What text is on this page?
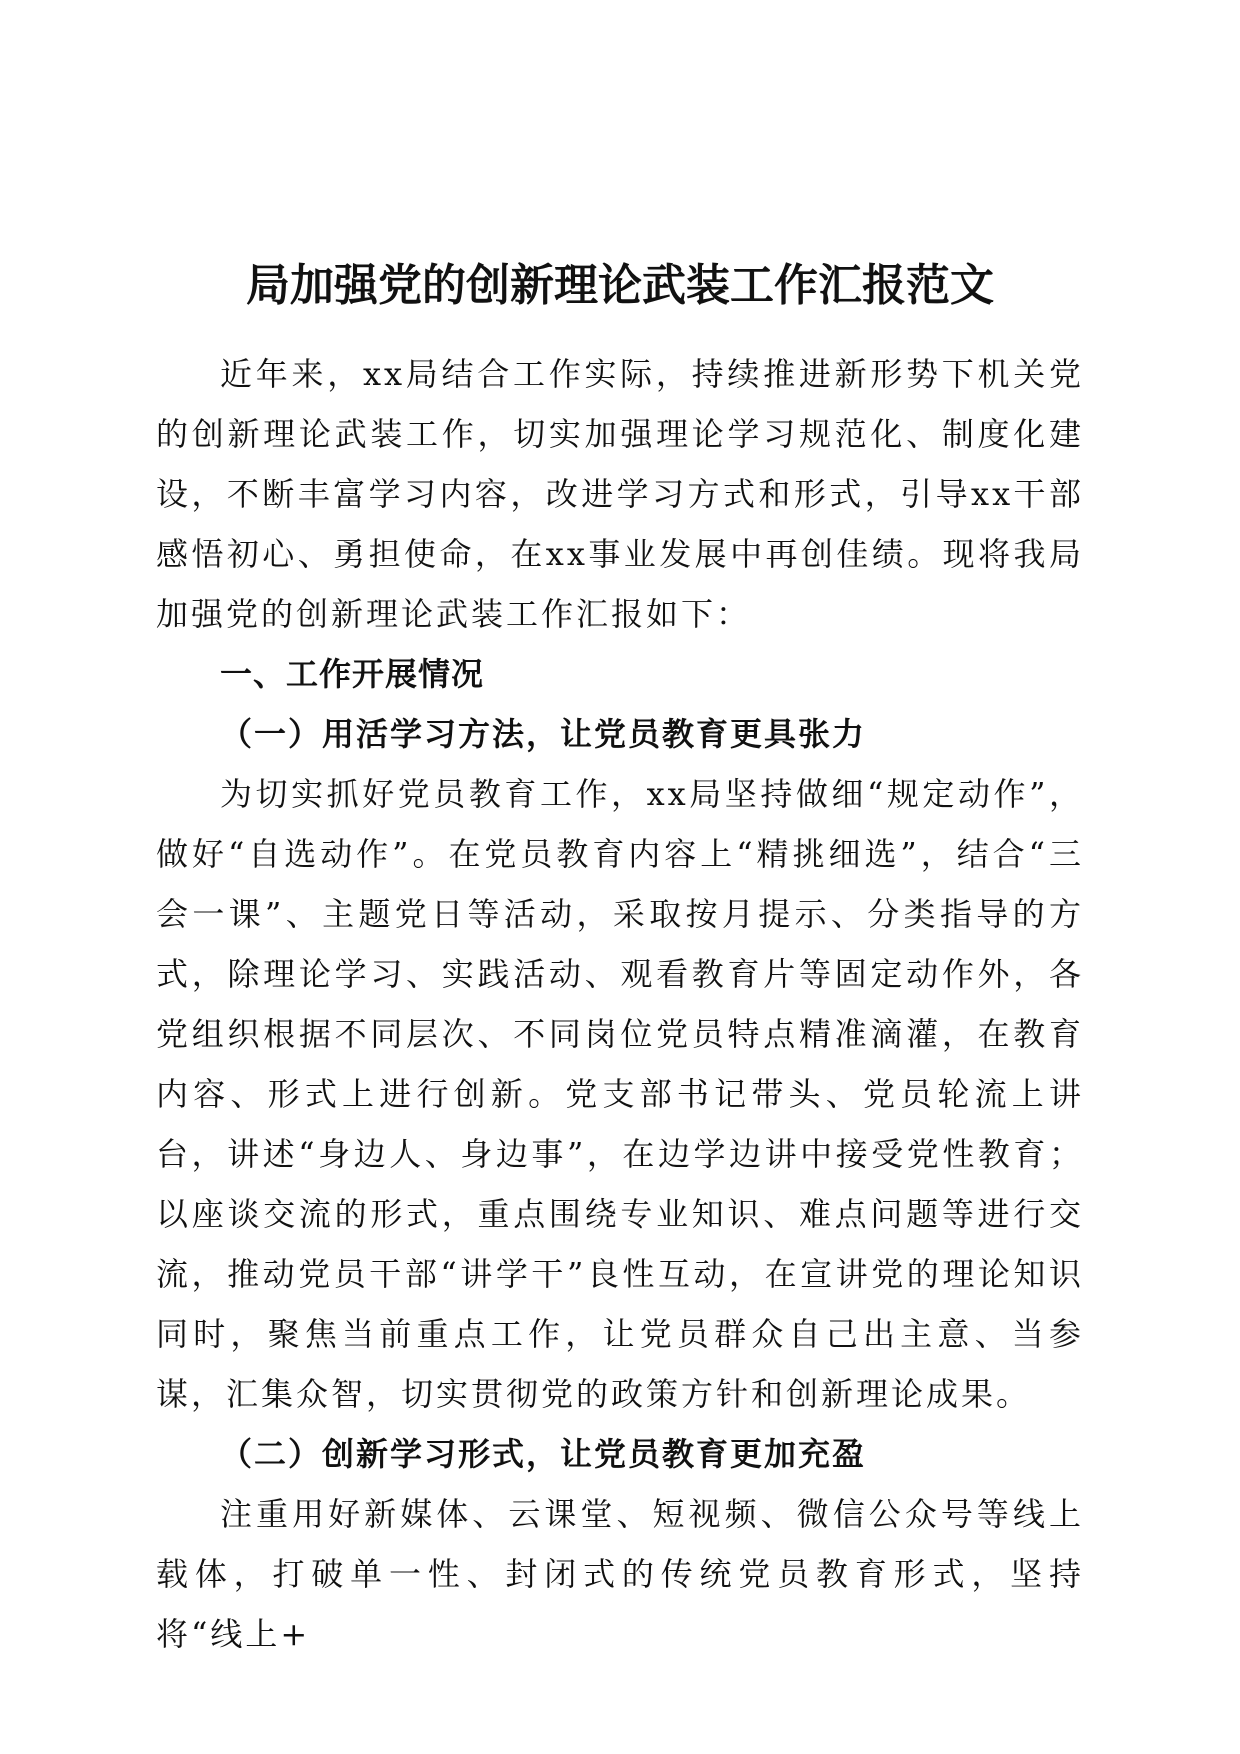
局加强党的创新理论武装工作汇报范文

近年来，xx局结合工作实际，持续推进新形势下机关党的创新理论武装工作，切实加强理论学习规范化、制度化建设，不断丰富学习内容，改进学习方式和形式，引导xx干部感悟初心、勇担使命，在xx事业发展中再创佳绩。现将我局加强党的创新理论武装工作汇报如下：

一、工作开展情况
（一）用活学习方法，让党员教育更具张力

为切实抓好党员教育工作，xx局坚持做细“规定动作”，做好“自选动作”。在党员教育内容上“精挑细选”，结合“三会一课”、主题党日等活动，采取按月提示、分类指导的方式，除理论学习、实践活动、观看教育片等固定动作外，各党组织根据不同层次、不同岗位党员特点精准滴灌，在教育内容、形式上进行创新。党支部书记带头、党员轮流上讲台，讲述“身边人、身边事”，在边学边讲中接受党性教育；以座谈交流的形式，重点围绕专业知识、难点问题等进行交流，推动党员干部“讲学干”良性互动，在宣讲党的理论知识同时，聚焦当前重点工作，让党员群众自己出主意、当参谋，汇集众智，切实贯彻党的政策方针和创新理论成果。

（二）创新学习形式，让党员教育更加充盈

注重用好新媒体、云课堂、短视频、微信公众号等线上载体，打破单一性、封闭式的传统党员教育形式，坚持将“线上+
